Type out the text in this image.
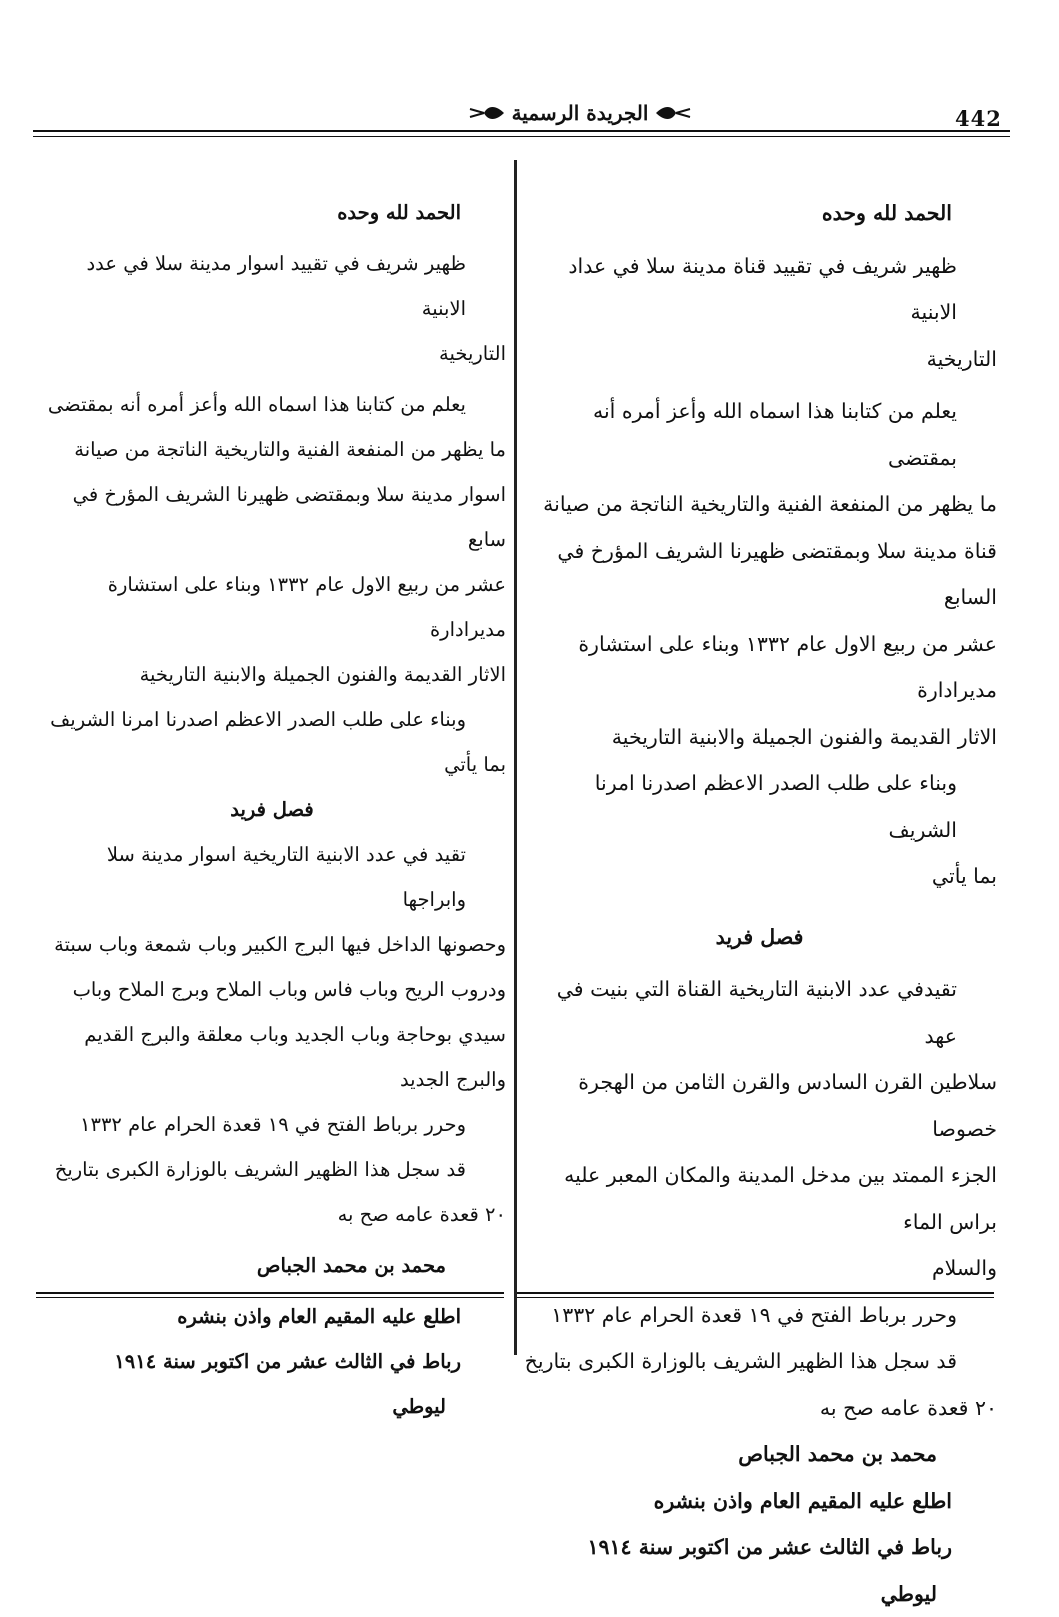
442
الجريدة الرسمية

الحمد لله وحده

ظهير شريف في تقييد قناة مدينة سلا في عداد الابنية

التاريخية

يعلم من كتابنا هذا اسماه الله وأعز أمره أنه بمقتضى

ما يظهر من المنفعة الفنية والتاريخية الناتجة من صيانة

قناة مدينة سلا وبمقتضى ظهيرنا الشريف المؤرخ في السابع

عشر من ربيع الاول عام ١٣٣٢ وبناء على استشارة مديرادارة

الاثار القديمة والفنون الجميلة والابنية التاريخية

وبناء على طلب الصدر الاعظم اصدرنا امرنا الشريف

بما يأتي

فصل فريد

تقيدفي عدد الابنية التاريخية القناة التي بنيت في عهد

سلاطين القرن السادس والقرن الثامن من الهجرة خصوصا

الجزء الممتد بين مدخل المدينة والمكان المعبر عليه براس الماء

والسلام

وحرر برباط الفتح في ١٩ قعدة الحرام عام ١٣٣٢

قد سجل هذا الظهير الشريف بالوزارة الكبرى بتاريخ

٢٠ قعدة عامه صح به

محمد بن محمد الجباص

اطلع عليه المقيم العام واذن بنشره

رباط في الثالث عشر من اكتوبر سنة ١٩١٤

ليوطي

الحمد لله وحده

ظهير شريف في تقييد اسوار مدينة سلا في عدد الابنية

التاريخية

يعلم من كتابنا هذا اسماه الله وأعز أمره أنه بمقتضى

ما يظهر من المنفعة الفنية والتاريخية الناتجة من صيانة

اسوار مدينة سلا وبمقتضى ظهيرنا الشريف المؤرخ في سابع

عشر من ربيع الاول عام ١٣٣٢ وبناء على استشارة مديرادارة

الاثار القديمة والفنون الجميلة والابنية التاريخية

وبناء على طلب الصدر الاعظم اصدرنا امرنا الشريف

بما يأتي

فصل فريد

تقيد في عدد الابنية التاريخية اسوار مدينة سلا وابراجها

وحصونها الداخل فيها البرج الكبير وباب شمعة وباب سبتة

ودروب الريح وباب فاس وباب الملاح وبرج الملاح وباب

سيدي بوحاجة وباب الجديد وباب معلقة والبرج القديم

والبرج الجديد

وحرر برباط الفتح في ١٩ قعدة الحرام عام ١٣٣٢

قد سجل هذا الظهير الشريف بالوزارة الكبرى بتاريخ

٢٠ قعدة عامه صح به

محمد بن محمد الجباص

اطلع عليه المقيم العام واذن بنشره

رباط في الثالث عشر من اكتوبر سنة ١٩١٤

ليوطي
